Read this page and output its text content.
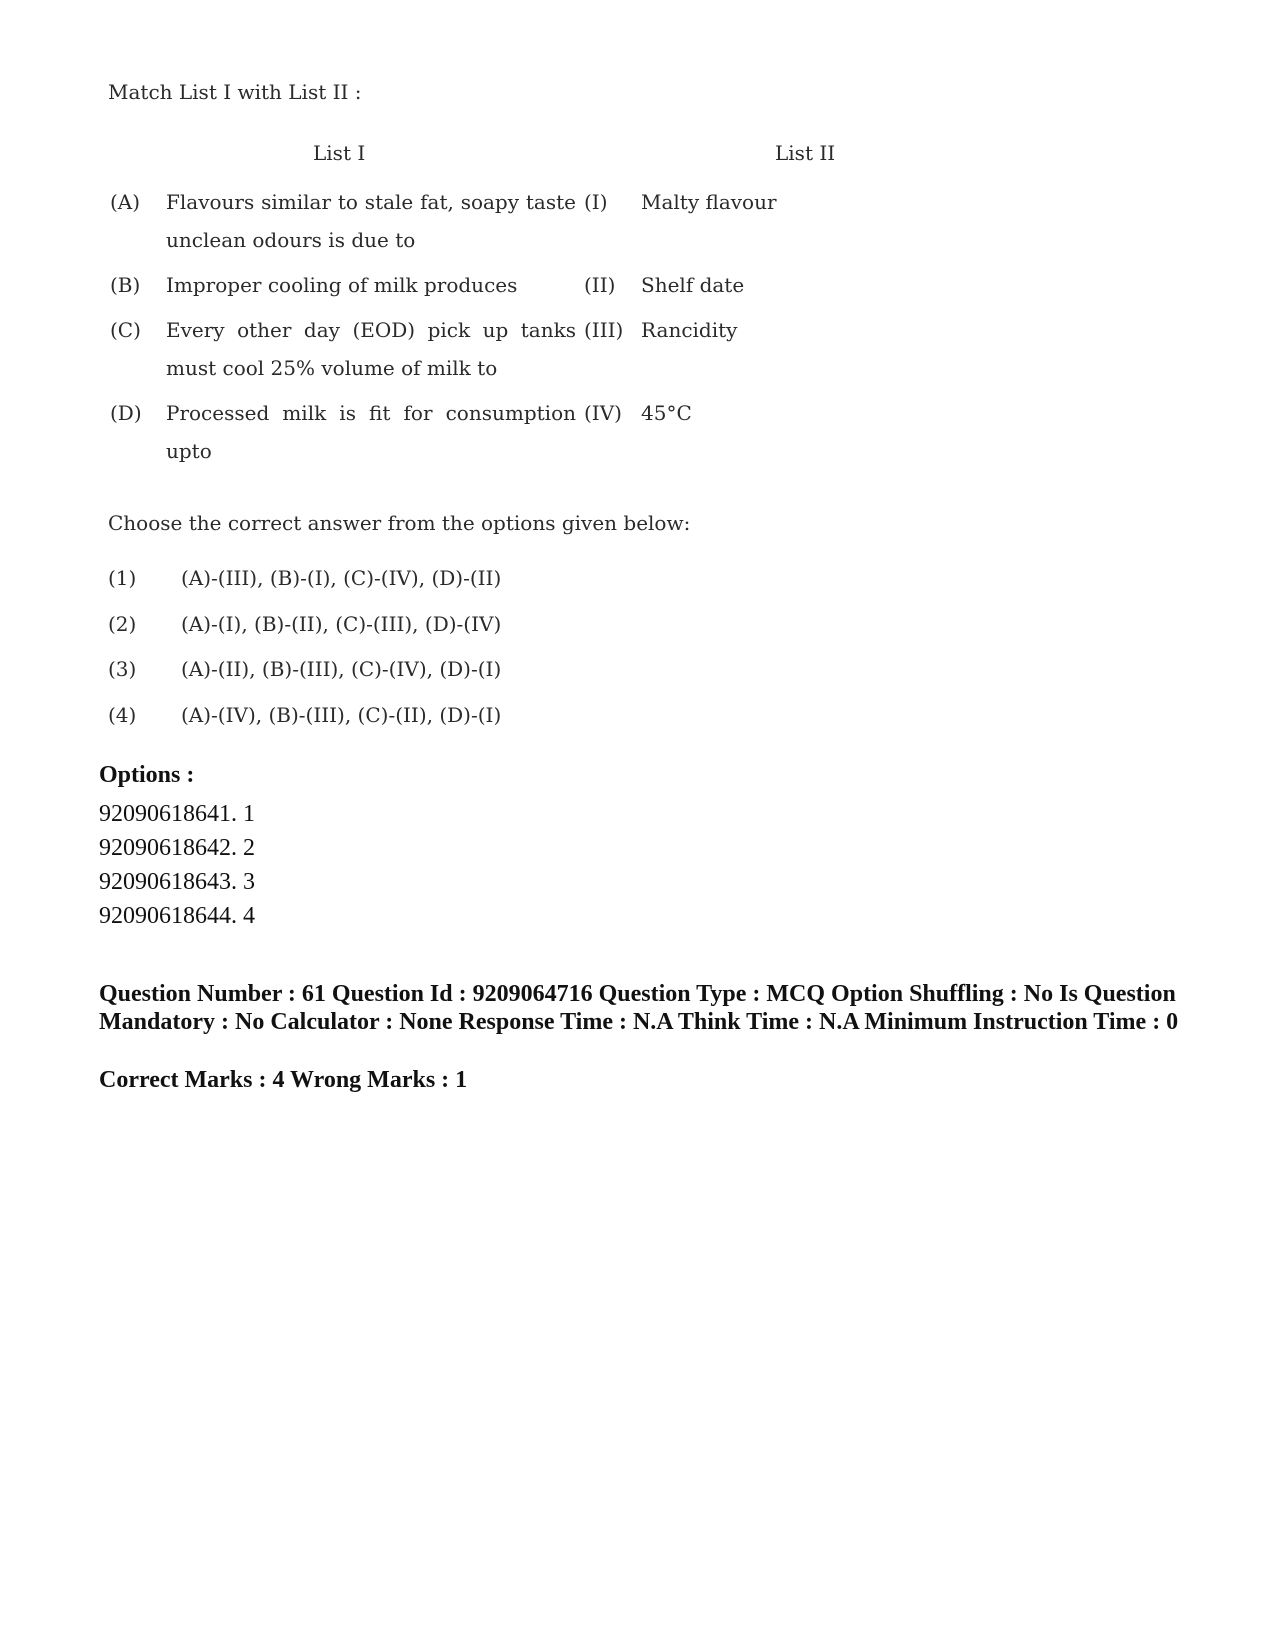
Match List I with List II :

List I	List II

(A)	Flavours similar to stale fat, soapy taste unclean odours is due to	(I)	Malty flavour
(B)	Improper cooling of milk produces	(II)	Shelf date
(C)	Every other day (EOD) pick up tanks must cool 25% volume of milk to	(III)	Rancidity
(D)	Processed milk is fit for consumption upto	(IV)	45°C

Choose the correct answer from the options given below:

(1)	(A)-(III), (B)-(I), (C)-(IV), (D)-(II)
(2)	(A)-(I), (B)-(II), (C)-(III), (D)-(IV)
(3)	(A)-(II), (B)-(III), (C)-(IV), (D)-(I)
(4)	(A)-(IV), (B)-(III), (C)-(II), (D)-(I)

Options :

92090618641. 1
92090618642. 2
92090618643. 3
92090618644. 4

Question Number : 61 Question Id : 9209064716 Question Type : MCQ Option Shuffling : No Is Question Mandatory : No Calculator : None Response Time : N.A Think Time : N.A Minimum Instruction Time : 0

Correct Marks : 4 Wrong Marks : 1
